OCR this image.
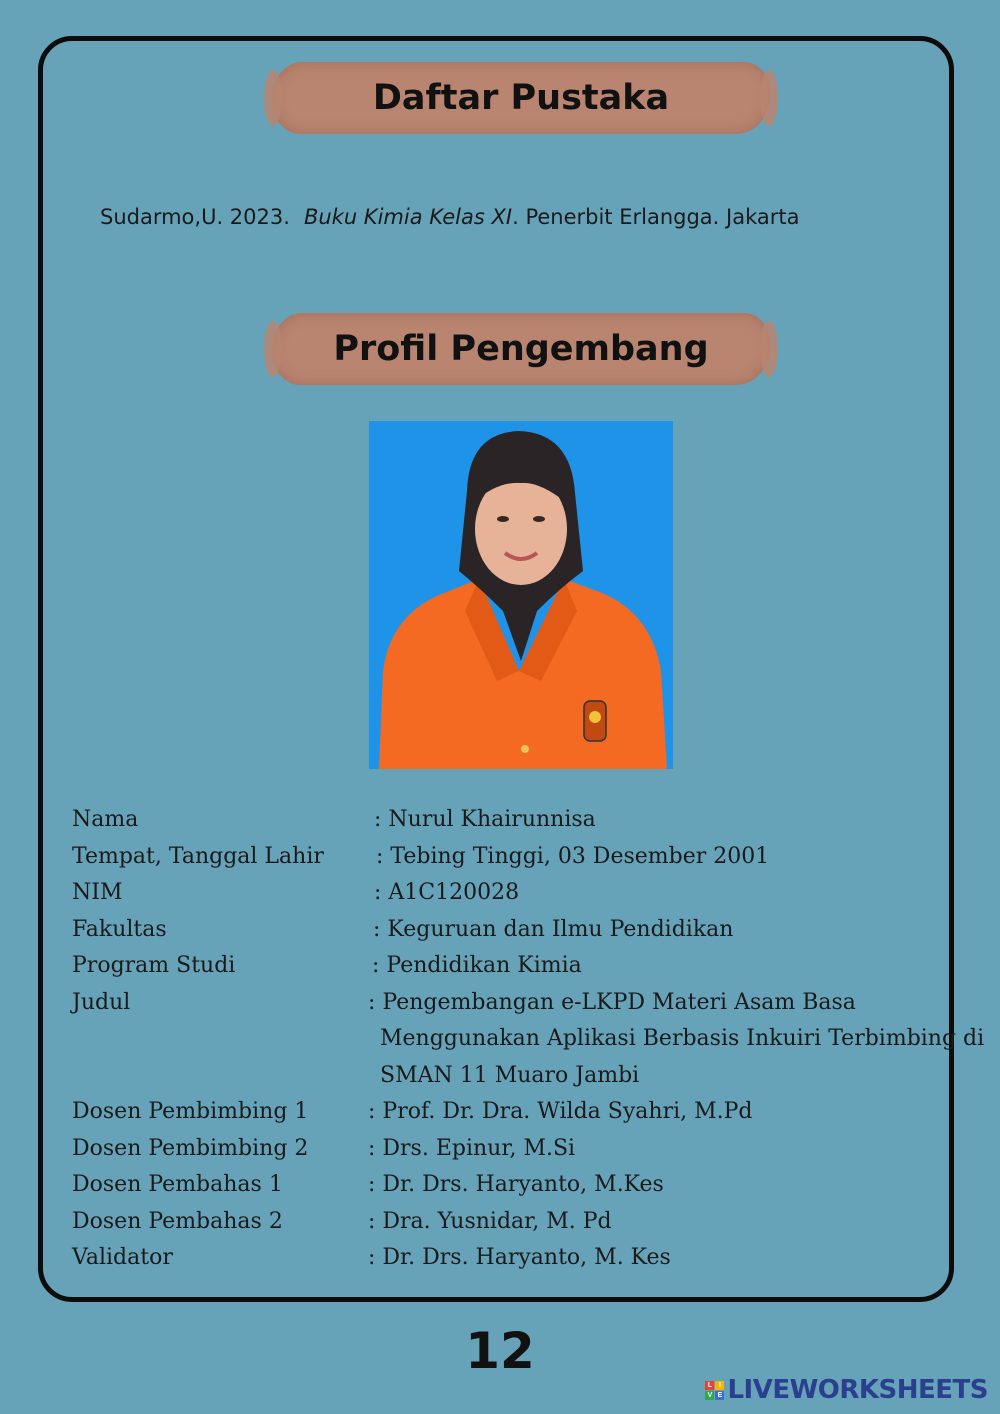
Daftar Pustaka
Sudarmo,U. 2023. Buku Kimia Kelas XI. Penerbit Erlangga. Jakarta
Profil Pengembang
Nama	: Nurul Khairunnisa
Tempat, Tanggal Lahir : Tebing Tinggi, 03 Desember 2001
NIM	: A1C120028
Fakultas	: Keguruan dan Ilmu Pendidikan
Program Studi	: Pendidikan Kimia
Judul	: Pengembangan e-LKPD Materi Asam Basa
Menggunakan Aplikasi Berbasis Inkuiri Terbimbing di
SMAN 11 Muaro Jambi
Dosen Pembimbing 1	: Prof. Dr. Dra. Wilda Syahri, M.Pd
Dosen Pembimbing 2	: Drs. Epinur, M.Si
Dosen Pembahas 1	: Dr. Drs. Haryanto, M.Kes
Dosen Pembahas 2	: Dra. Yusnidar, M. Pd
Validator	: Dr. Drs. Haryanto, M. Kes
12
L I
V E LIVEWORKSHEETS
